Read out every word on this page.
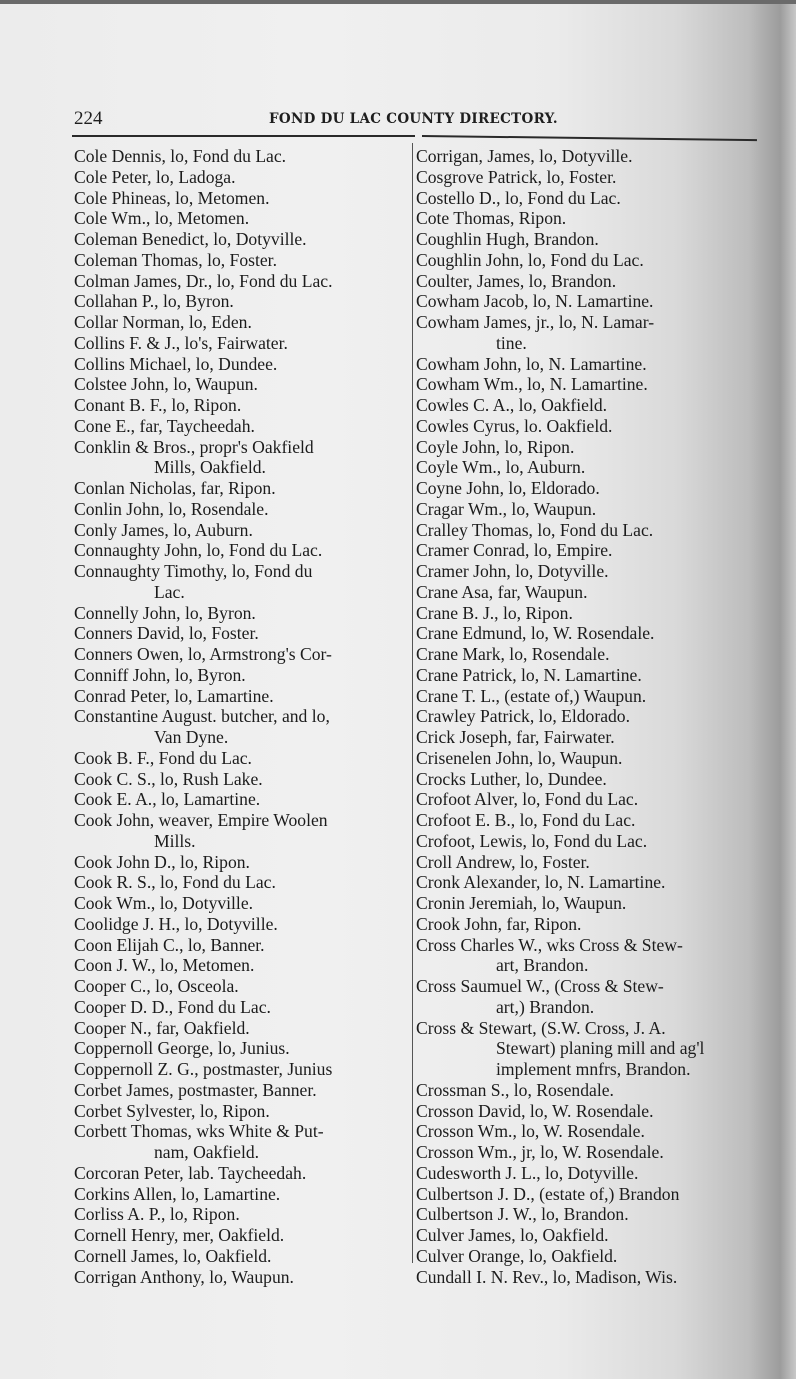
224	FOND DU LAC COUNTY DIRECTORY.

Cole Dennis, lo, Fond du Lac.

Cole Peter, lo, Ladoga.

Cole Phineas, lo, Metomen.

Cole Wm., lo, Metomen.

Coleman Benedict, lo, Dotyville.

Coleman Thomas, lo, Foster.

Colman James, Dr., lo, Fond du Lac.

Collahan P., lo, Byron.

Collar Norman, lo, Eden.

Collins F. & J., lo's, Fairwater.

Collins Michael, lo, Dundee.

Colstee John, lo, Waupun.

Conant B. F., lo, Ripon.

Cone E., far, Taycheedah.

Conklin & Bros., propr's Oakfield
Mills, Oakfield.

Conlan Nicholas, far, Ripon.

Conlin John, lo, Rosendale.

Conly James, lo, Auburn.

Connaughty John, lo, Fond du Lac.

Connaughty Timothy, lo, Fond du
Lac.

Connelly John, lo, Byron.

Conners David, lo, Foster.

Conners Owen, lo, Armstrong's Cor-

Conniff John, lo, Byron.

Conrad Peter, lo, Lamartine.

Constantine August. butcher, and lo,
Van Dyne.

Cook B. F., Fond du Lac.

Cook C. S., lo, Rush Lake.

Cook E. A., lo, Lamartine.

Cook John, weaver, Empire Woolen
Mills.

Cook John D., lo, Ripon.

Cook R. S., lo, Fond du Lac.

Cook Wm., lo, Dotyville.

Coolidge J. H., lo, Dotyville.

Coon Elijah C., lo, Banner.

Coon J. W., lo, Metomen.

Cooper C., lo, Osceola.

Cooper D. D., Fond du Lac.

Cooper N., far, Oakfield.

Coppernoll George, lo, Junius.

Coppernoll Z. G., postmaster, Junius

Corbet James, postmaster, Banner.

Corbet Sylvester, lo, Ripon.

Corbett Thomas, wks White & Put-
nam, Oakfield.

Corcoran Peter, lab. Taycheedah.

Corkins Allen, lo, Lamartine.

Corliss A. P., lo, Ripon.

Cornell Henry, mer, Oakfield.

Cornell James, lo, Oakfield.

Corrigan Anthony, lo, Waupun.

Corrigan, James, lo, Dotyville.

Cosgrove Patrick, lo, Foster.

Costello D., lo, Fond du Lac.

Cote Thomas, Ripon.

Coughlin Hugh, Brandon.

Coughlin John, lo, Fond du Lac.

Coulter, James, lo, Brandon.

Cowham Jacob, lo, N. Lamartine.

Cowham James, jr., lo, N. Lamar-
tine.

Cowham John, lo, N. Lamartine.

Cowham Wm., lo, N. Lamartine.

Cowles C. A., lo, Oakfield.

Cowles Cyrus, lo. Oakfield.

Coyle John, lo, Ripon.

Coyle Wm., lo, Auburn.

Coyne John, lo, Eldorado.

Cragar Wm., lo, Waupun.

Cralley Thomas, lo, Fond du Lac.

Cramer Conrad, lo, Empire.

Cramer John, lo, Dotyville.

Crane Asa, far, Waupun.

Crane B. J., lo, Ripon.

Crane Edmund, lo, W. Rosendale.

Crane Mark, lo, Rosendale.

Crane Patrick, lo, N. Lamartine.

Crane T. L., (estate of,) Waupun.

Crawley Patrick, lo, Eldorado.

Crick Joseph, far, Fairwater.

Crisenelen John, lo, Waupun.

Crocks Luther, lo, Dundee.

Crofoot Alver, lo, Fond du Lac.

Crofoot E. B., lo, Fond du Lac.

Crofoot, Lewis, lo, Fond du Lac.

Croll Andrew, lo, Foster.

Cronk Alexander, lo, N. Lamartine.

Cronin Jeremiah, lo, Waupun.

Crook John, far, Ripon.

Cross Charles W., wks Cross & Stew-
art, Brandon.

Cross Saumuel W., (Cross & Stew-
art,) Brandon.

Cross & Stewart, (S.W. Cross, J. A.
Stewart) planing mill and ag'l
implement mnfrs, Brandon.

Crossman S., lo, Rosendale.

Crosson David, lo, W. Rosendale.

Crosson Wm., lo, W. Rosendale.

Crosson Wm., jr, lo, W. Rosendale.

Cudesworth J. L., lo, Dotyville.

Culbertson J. D., (estate of,) Brandon

Culbertson J. W., lo, Brandon.

Culver James, lo, Oakfield.

Culver Orange, lo, Oakfield.

Cundall I. N. Rev., lo, Madison, Wis.
